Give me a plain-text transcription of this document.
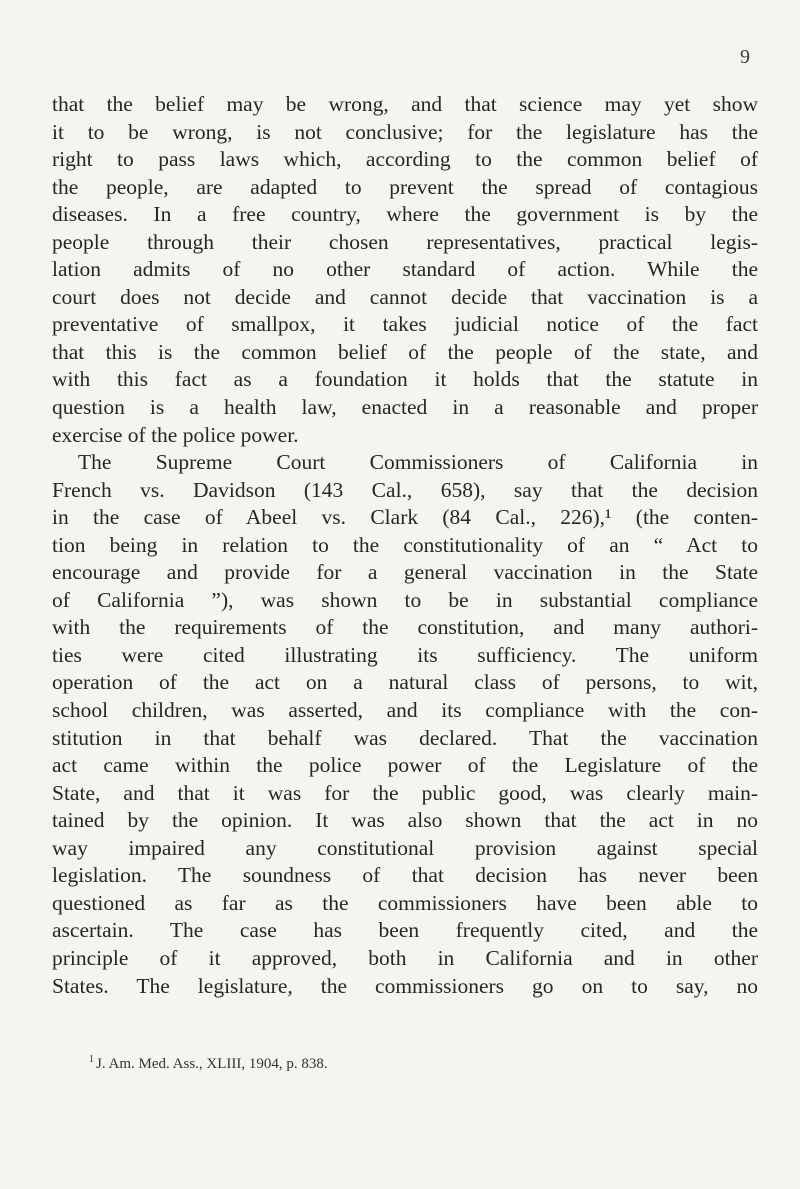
9
that the belief may be wrong, and that science may yet show
it to be wrong, is not conclusive; for the legislature has the
right to pass laws which, according to the common belief of
the people, are adapted to prevent the spread of contagious
diseases. In a free country, where the government is by the
people through their chosen representatives, practical legis-
lation admits of no other standard of action. While the
court does not decide and cannot decide that vaccination is a
preventative of smallpox, it takes judicial notice of the fact
that this is the common belief of the people of the state, and
with this fact as a foundation it holds that the statute in
question is a health law, enacted in a reasonable and proper
exercise of the police power.
The Supreme Court Commissioners of California in
French vs. Davidson (143 Cal., 658), say that the decision
in the case of Abeel vs. Clark (84 Cal., 226),¹ (the conten-
tion being in relation to the constitutionality of an “ Act to
encourage and provide for a general vaccination in the State
of California ”), was shown to be in substantial compliance
with the requirements of the constitution, and many authori-
ties were cited illustrating its sufficiency. The uniform
operation of the act on a natural class of persons, to wit,
school children, was asserted, and its compliance with the con-
stitution in that behalf was declared. That the vaccination
act came within the police power of the Legislature of the
State, and that it was for the public good, was clearly main-
tained by the opinion. It was also shown that the act in no
way impaired any constitutional provision against special
legislation. The soundness of that decision has never been
questioned as far as the commissioners have been able to
ascertain. The case has been frequently cited, and the
principle of it approved, both in California and in other
States. The legislature, the commissioners go on to say, no
$^1$ J. Am. Med. Ass., XLIII, 1904, p. 838.
